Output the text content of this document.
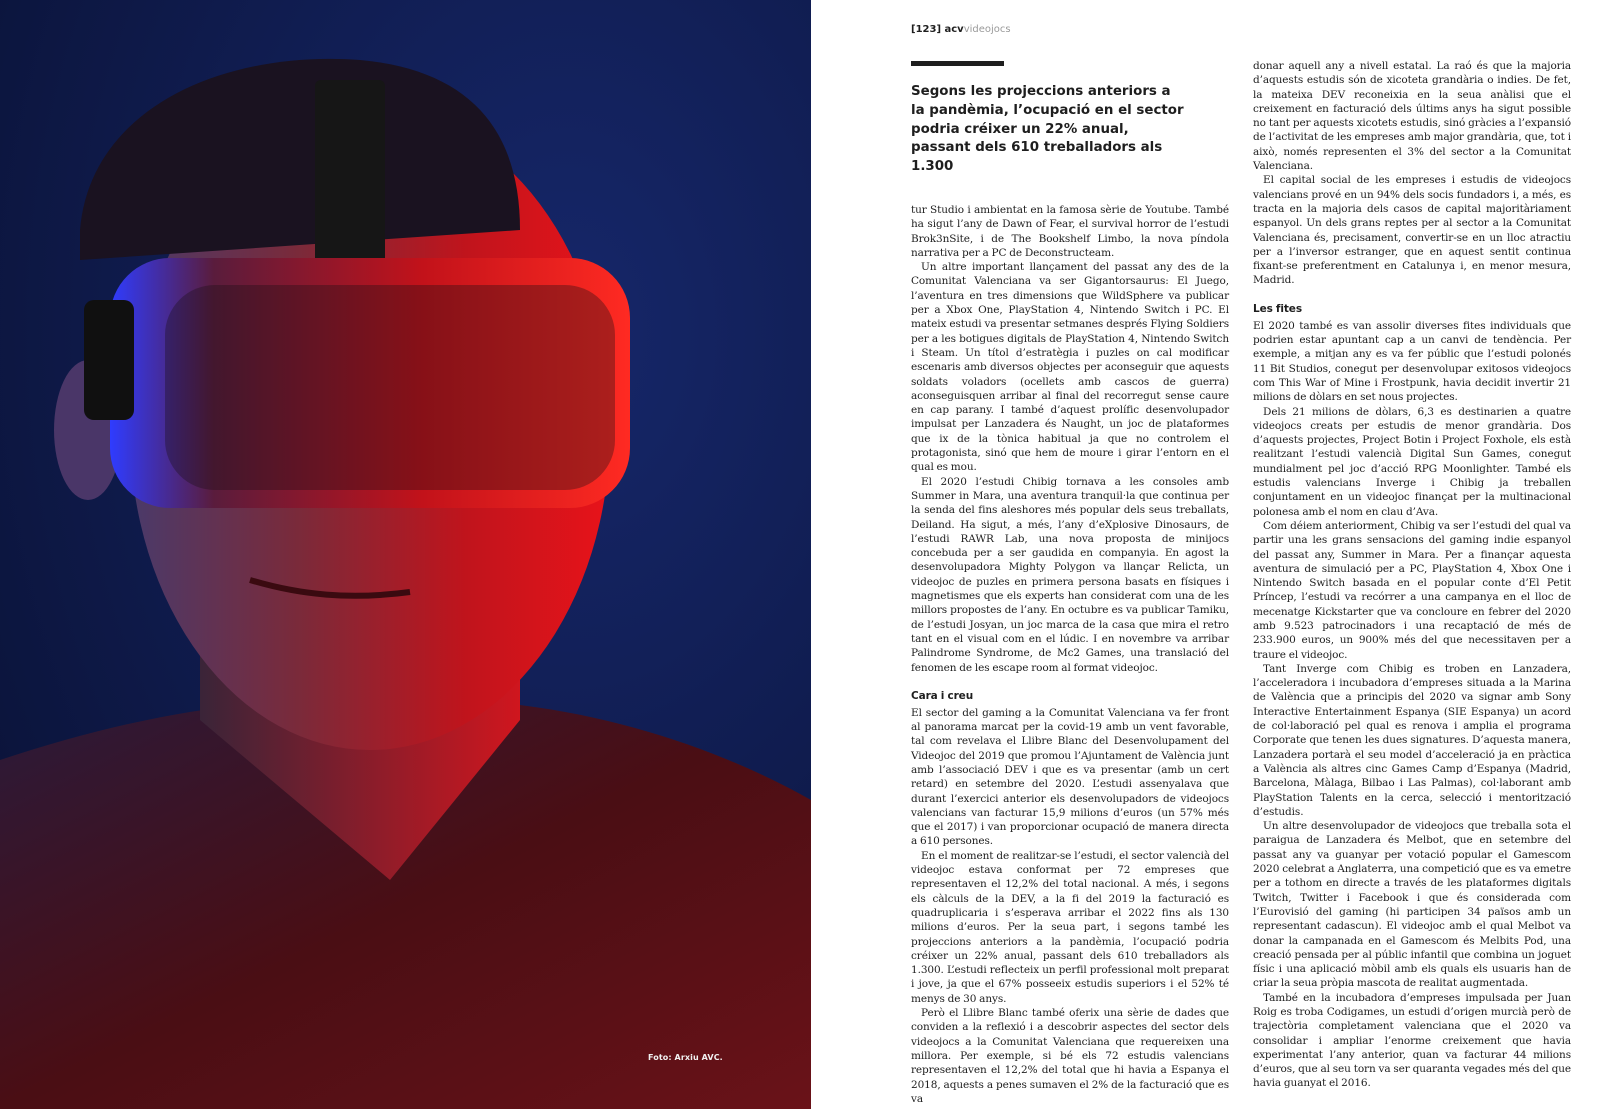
Foto: Arxiu AVC.
[123] acvvideojocs

Segons les projeccions anteriors a la pandèmia, l’ocupació en el sector podria créixer un 22% anual, passant dels 610 treballadors als 1.300

tur Studio i ambientat en la famosa sèrie de Youtube. També ha sigut l’any de Dawn of Fear, el survival horror de l’estudi Brok3nSite, i de The Bookshelf Limbo, la nova píndola narrativa per a PC de Deconstructeam.

Un altre important llançament del passat any des de la Comunitat Valenciana va ser Gigantorsaurus: El Juego, l’aventura en tres dimensions que WildSphere va publicar per a Xbox One, PlayStation 4, Nintendo Switch i PC. El mateix estudi va presentar setmanes després Flying Soldiers per a les botigues digitals de PlayStation 4, Nintendo Switch i Steam. Un títol d’estratègia i puzles on cal modificar escenaris amb diversos objectes per aconseguir que aquests soldats voladors (ocellets amb cascos de guerra) aconseguisquen arribar al final del recorregut sense caure en cap parany. I també d’aquest prolífic desenvolupador impulsat per Lanzadera és Naught, un joc de plataformes que ix de la tònica habitual ja que no controlem el protagonista, sinó que hem de moure i girar l’entorn en el qual es mou.

El 2020 l’estudi Chibig tornava a les consoles amb Summer in Mara, una aventura tranquil·la que continua per la senda del fins aleshores més popular dels seus treballats, Deiland. Ha sigut, a més, l’any d’eXplosive Dinosaurs, de l’estudi RAWR Lab, una nova proposta de minijocs concebuda per a ser gaudida en companyia. En agost la desenvolupadora Mighty Polygon va llançar Relicta, un videojoc de puzles en primera persona basats en físiques i magnetismes que els experts han considerat com una de les millors propostes de l’any. En octubre es va publicar Tamiku, de l’estudi Josyan, un joc marca de la casa que mira el retro tant en el visual com en el lúdic. I en novembre va arribar Palindrome Syndrome, de Mc2 Games, una translació del fenomen de les escape room al format videojoc.

Cara i creu

El sector del gaming a la Comunitat Valenciana va fer front al panorama marcat per la covid-19 amb un vent favorable, tal com revelava el Llibre Blanc del Desenvolupament del Videojoc del 2019 que promou l’Ajuntament de València junt amb l’associació DEV i que es va presentar (amb un cert retard) en setembre del 2020. L’estudi assenyalava que durant l’exercici anterior els desenvolupadors de videojocs valencians van facturar 15,9 milions d’euros (un 57% més que el 2017) i van proporcionar ocupació de manera directa a 610 persones.

En el moment de realitzar-se l’estudi, el sector valencià del videojoc estava conformat per 72 empreses que representaven el 12,2% del total nacional. A més, i segons els càlculs de la DEV, a la fi del 2019 la facturació es quadruplicaria i s’esperava arribar el 2022 fins als 130 milions d’euros. Per la seua part, i segons també les projeccions anteriors a la pandèmia, l’ocupació podria créixer un 22% anual, passant dels 610 treballadors als 1.300. L’estudi reflecteix un perfil professional molt preparat i jove, ja que el 67% posseeix estudis superiors i el 52% té menys de 30 anys.

Però el Llibre Blanc també oferix una sèrie de dades que conviden a la reflexió i a descobrir aspectes del sector dels videojocs a la Comunitat Valenciana que requereixen una millora. Per exemple, si bé els 72 estudis valencians representaven el 12,2% del total que hi havia a Espanya el 2018, aquests a penes sumaven el 2% de la facturació que es va

donar aquell any a nivell estatal. La raó és que la majoria d’aquests estudis són de xicoteta grandària o indies. De fet, la mateixa DEV reconeixia en la seua anàlisi que el creixement en facturació dels últims anys ha sigut possible no tant per aquests xicotets estudis, sinó gràcies a l’expansió de l’activitat de les empreses amb major grandària, que, tot i això, només representen el 3% del sector a la Comunitat Valenciana.

El capital social de les empreses i estudis de videojocs valencians prové en un 94% dels socis fundadors i, a més, es tracta en la majoria dels casos de capital majoritàriament espanyol. Un dels grans reptes per al sector a la Comunitat Valenciana és, precisament, convertir-se en un lloc atractiu per a l’inversor estranger, que en aquest sentit continua fixant-se preferentment en Catalunya i, en menor mesura, Madrid.

Les fites

El 2020 també es van assolir diverses fites individuals que podrien estar apuntant cap a un canvi de tendència. Per exemple, a mitjan any es va fer públic que l’estudi polonés 11 Bit Studios, conegut per desenvolupar exitosos videojocs com This War of Mine i Frostpunk, havia decidit invertir 21 milions de dòlars en set nous projectes.

Dels 21 milions de dòlars, 6,3 es destinarien a quatre videojocs creats per estudis de menor grandària. Dos d’aquests projectes, Project Botin i Project Foxhole, els està realitzant l’estudi valencià Digital Sun Games, conegut mundialment pel joc d’acció RPG Moonlighter. També els estudis valencians Inverge i Chibig ja treballen conjuntament en un videojoc finançat per la multinacional polonesa amb el nom en clau d’Ava.

Com déiem anteriorment, Chibig va ser l’estudi del qual va partir una les grans sensacions del gaming indie espanyol del passat any, Summer in Mara. Per a finançar aquesta aventura de simulació per a PC, PlayStation 4, Xbox One i Nintendo Switch basada en el popular conte d’El Petit Príncep, l’estudi va recórrer a una campanya en el lloc de mecenatge Kickstarter que va concloure en febrer del 2020 amb 9.523 patrocinadors i una recaptació de més de 233.900 euros, un 900% més del que necessitaven per a traure el videojoc.

Tant Inverge com Chibig es troben en Lanzadera, l’acceleradora i incubadora d’empreses situada a la Marina de València que a principis del 2020 va signar amb Sony Interactive Entertainment Espanya (SIE Espanya) un acord de col·laboració pel qual es renova i amplia el programa Corporate que tenen les dues signatures. D’aquesta manera, Lanzadera portarà el seu model d’acceleració ja en pràctica a València als altres cinc Games Camp d’Espanya (Madrid, Barcelona, Màlaga, Bilbao i Las Palmas), col·laborant amb PlayStation Talents en la cerca, selecció i mentorització d’estudis.

Un altre desenvolupador de videojocs que treballa sota el paraigua de Lanzadera és Melbot, que en setembre del passat any va guanyar per votació popular el Gamescom 2020 celebrat a Anglaterra, una competició que es va emetre per a tothom en directe a través de les plataformes digitals Twitch, Twitter i Facebook i que és considerada com l’Eurovisió del gaming (hi participen 34 països amb un representant cadascun). El videojoc amb el qual Melbot va donar la campanada en el Gamescom és Melbits Pod, una creació pensada per al públic infantil que combina un joguet físic i una aplicació mòbil amb els quals els usuaris han de criar la seua pròpia mascota de realitat augmentada.

També en la incubadora d’empreses impulsada per Juan Roig es troba Codigames, un estudi d’origen murcià però de trajectòria completament valenciana que el 2020 va consolidar i ampliar l’enorme creixement que havia experimentat l’any anterior, quan va facturar 44 milions d’euros, que al seu torn va ser quaranta vegades més del que havia guanyat el 2016.
